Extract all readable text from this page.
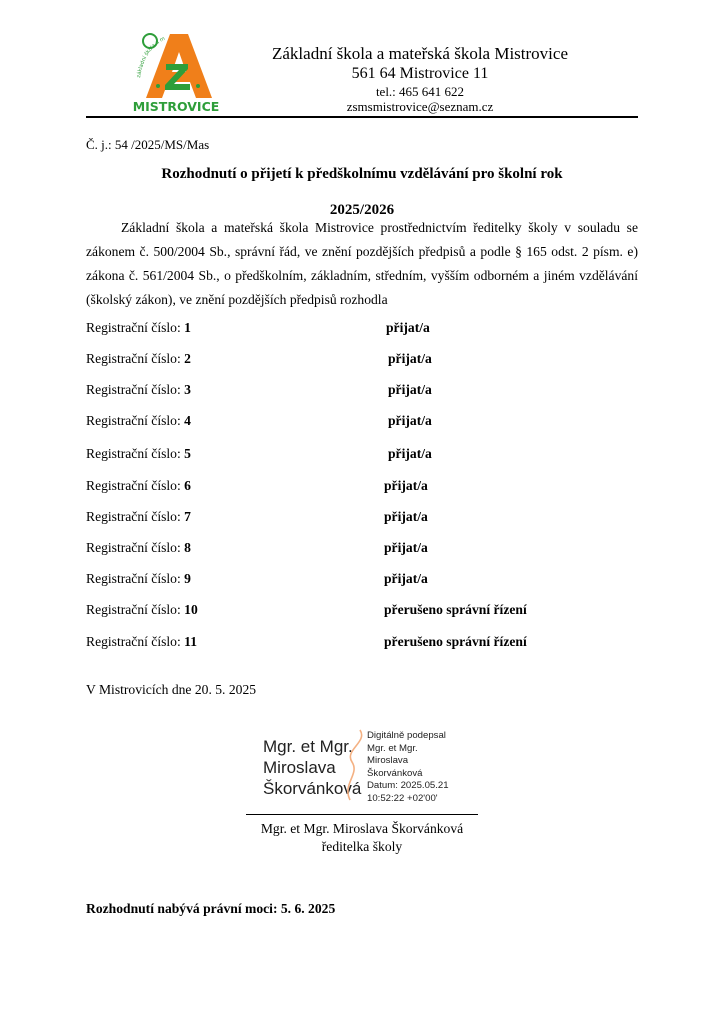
základní škola a m
MISTROVICE
Základní škola a mateřská škola Mistrovice
561 64 Mistrovice 11
tel.: 465 641 622
zsmsmistrovice@seznam.cz
Č. j.: 54 /2025/MS/Mas
Rozhodnutí o přijetí k předškolnímu vzdělávání pro školní rok
2025/2026
Základní škola a mateřská škola Mistrovice prostřednictvím ředitelky školy v souladu se zákonem č. 500/2004 Sb., správní řád, ve znění pozdějších předpisů a podle § 165 odst. 2 písm. e) zákona č. 561/2004 Sb., o předškolním, základním, středním, vyšším odborném a jiném vzdělávání (školský zákon), ve znění pozdějších předpisů rozhodla
Registrační číslo: 1	přijat/a
Registrační číslo: 2	přijat/a
Registrační číslo: 3	přijat/a
Registrační číslo: 4	přijat/a
Registrační číslo: 5	přijat/a
Registrační číslo: 6	přijat/a
Registrační číslo: 7	přijat/a
Registrační číslo: 8	přijat/a
Registrační číslo: 9	přijat/a
Registrační číslo: 10	přerušeno správní řízení
Registrační číslo: 11	přerušeno správní řízení
V Mistrovicích dne 20. 5. 2025
Mgr. et Mgr.
Miroslava
Škorvánková
Digitálně podepsal
Mgr. et Mgr.
Miroslava
Škorvánková
Datum: 2025.05.21
10:52:22 +02'00'
Mgr. et Mgr. Miroslava Škorvánková
ředitelka školy
Rozhodnutí nabývá právní moci: 5. 6. 2025
